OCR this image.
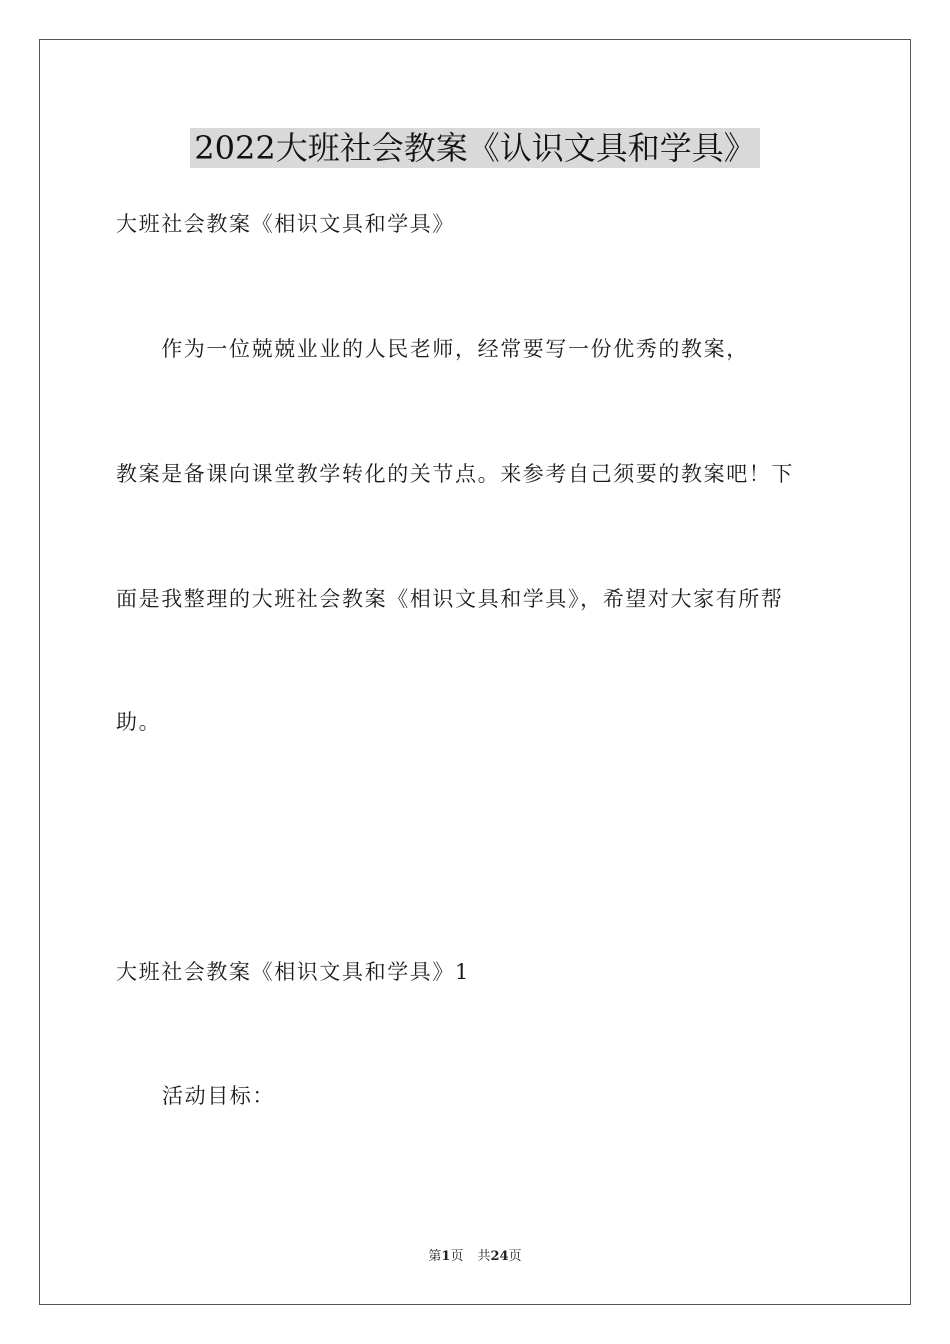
2022大班社会教案《认识文具和学具》
大班社会教案《相识文具和学具》
　　作为一位兢兢业业的人民老师，经常要写一份优秀的教案，
教案是备课向课堂教学转化的关节点。来参考自己须要的教案吧！下
面是我整理的大班社会教案《相识文具和学具》，希望对大家有所帮
助。
大班社会教案《相识文具和学具》1
活动目标：
第1页 共24页
